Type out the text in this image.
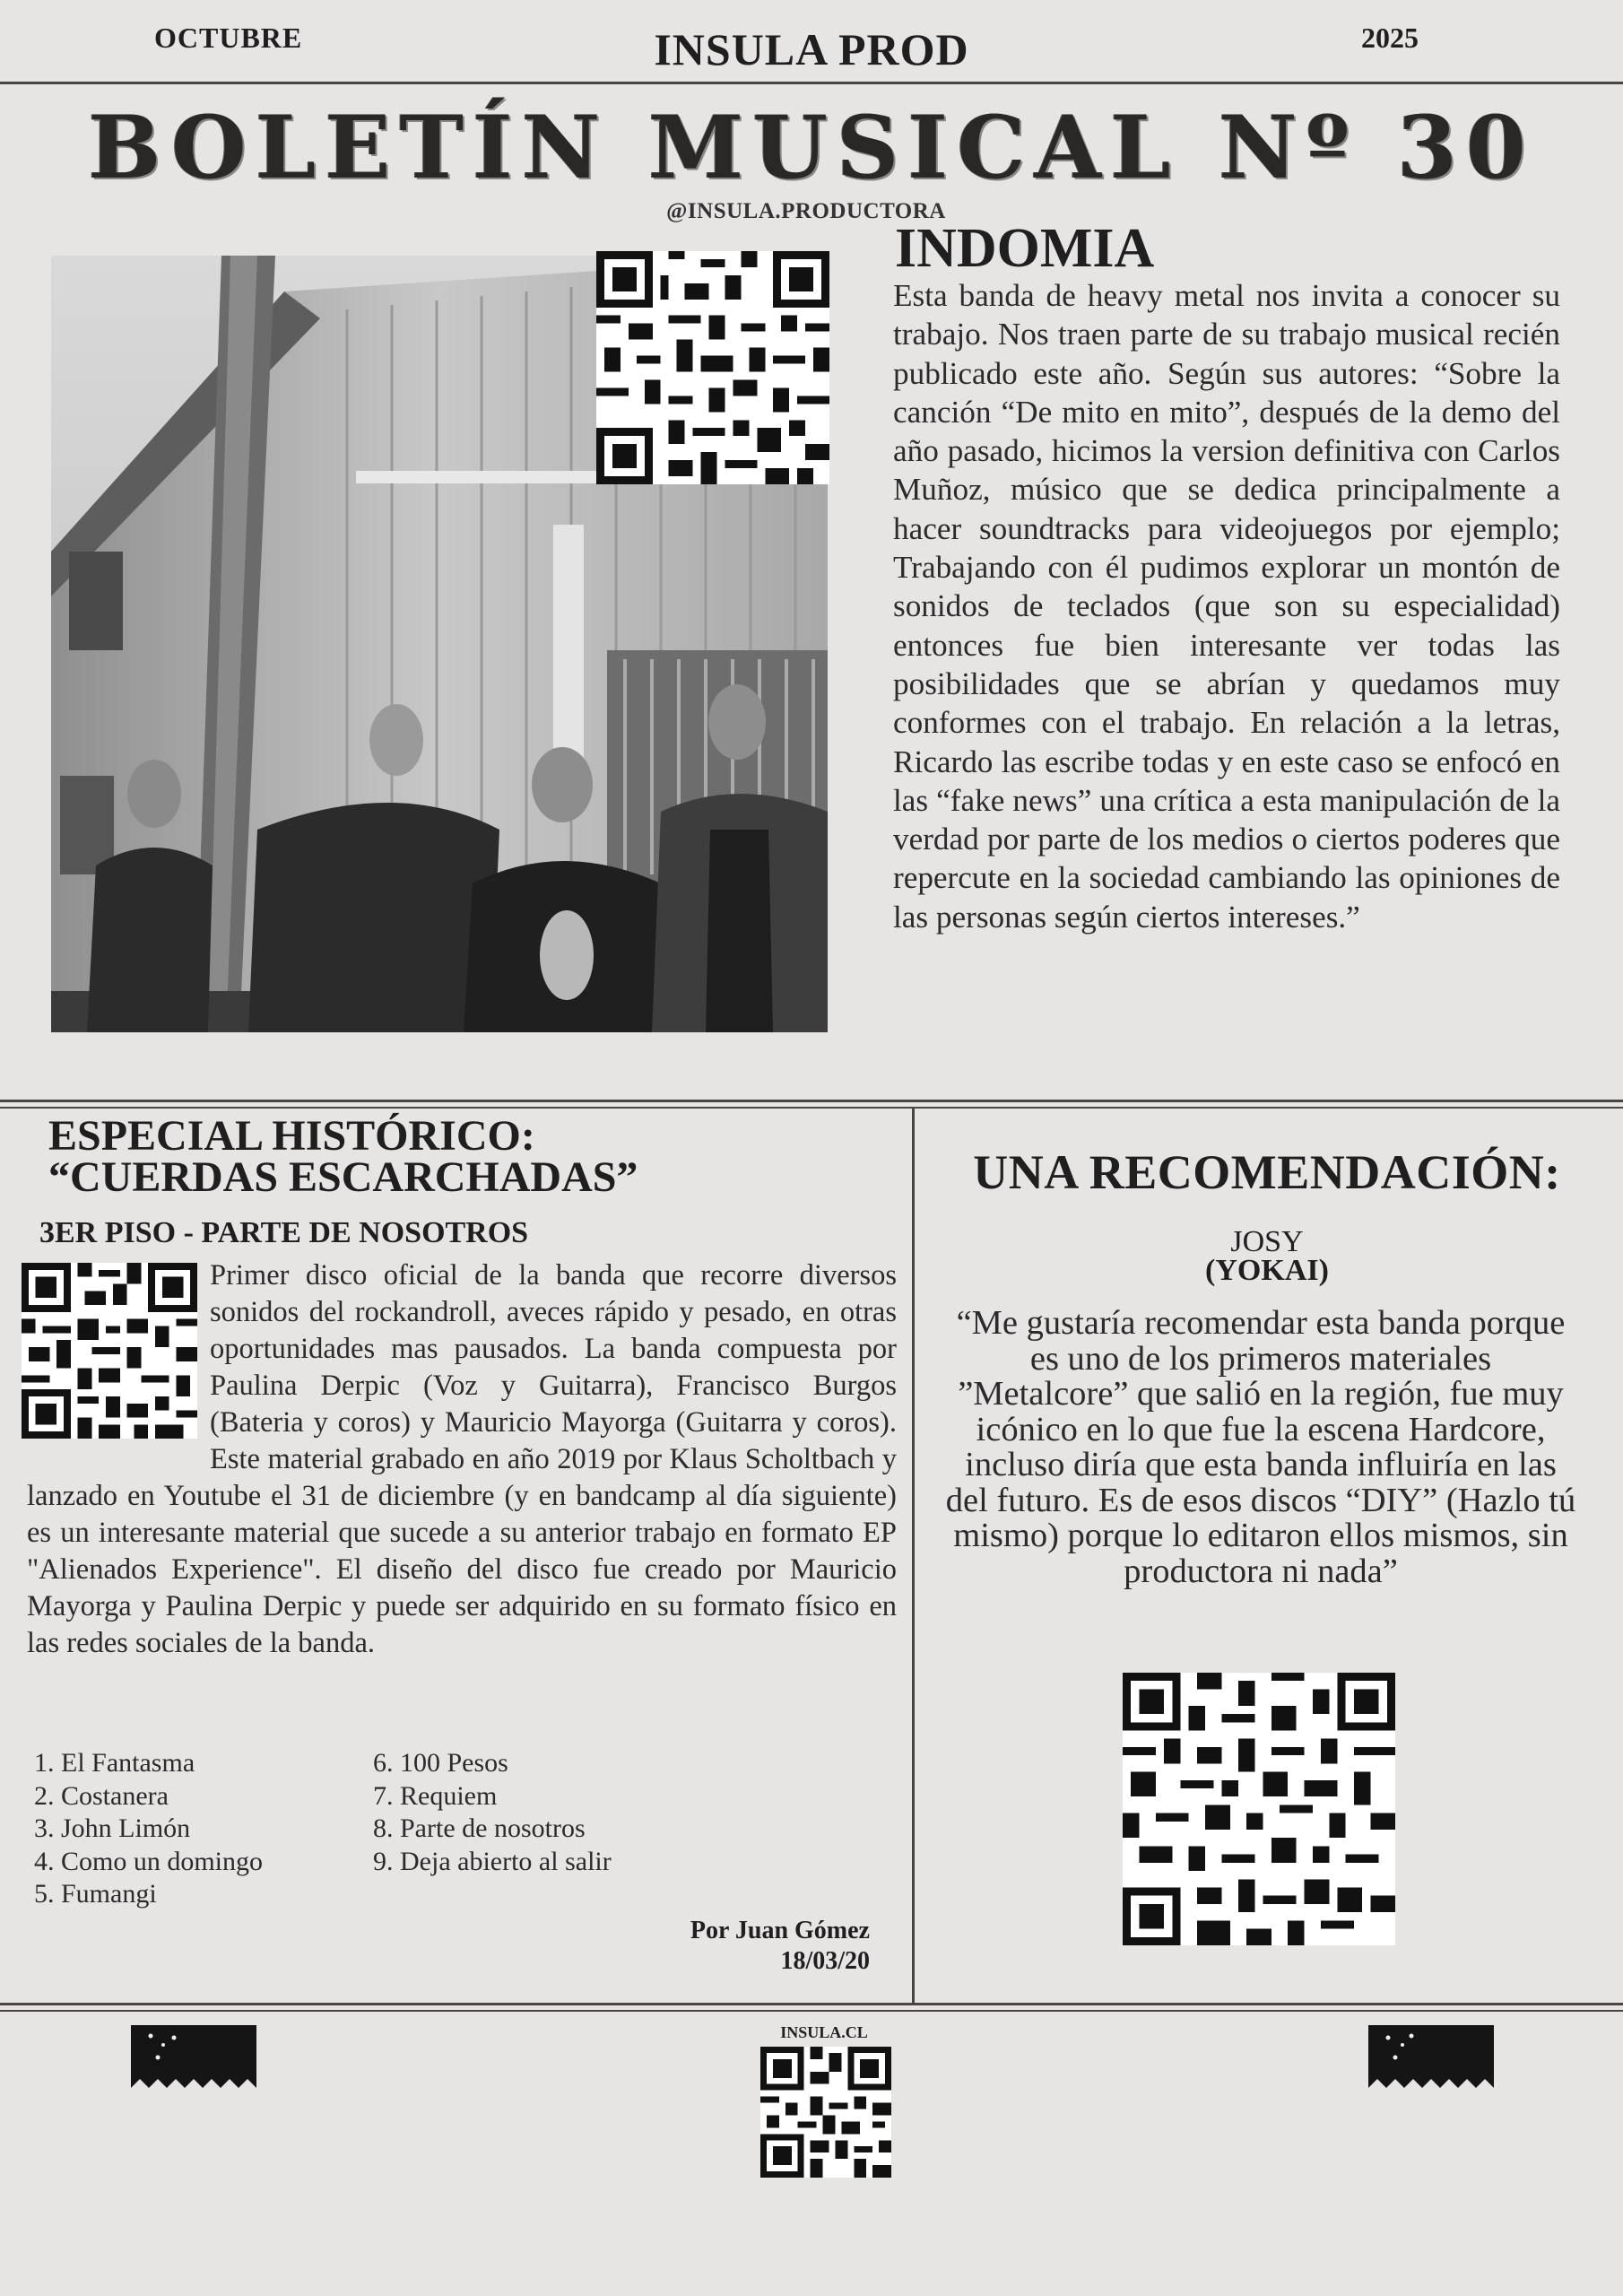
OCTUBRE	INSULA PROD	2025
BOLETÍN MUSICAL Nº 30
@INSULA.PRODUCTORA
INDOMIA
Esta banda de heavy metal nos invita a conocer su trabajo. Nos traen parte de su trabajo musical recién publicado este año. Según sus autores: “Sobre la canción “De mito en mito”, después de la demo del año pasado, hicimos la version definitiva con Carlos Muñoz, músico que se dedica principalmente a hacer soundtracks para videojuegos por ejemplo; Trabajando con él pudimos explorar un montón de sonidos de teclados (que son su especialidad) entonces fue bien interesante ver todas las posibilidades que se abrían y quedamos muy conformes con el trabajo. En relación a la letras, Ricardo las escribe todas y en este caso se enfocó en las “fake news” una crítica a esta manipulación de la verdad por parte de los medios o ciertos poderes que repercute en la sociedad cambiando las opiniones de las personas según ciertos intereses.”
ESPECIAL HISTÓRICO:
“CUERDAS ESCARCHADAS”
3ER PISO - PARTE DE NOSOTROS
Primer disco oficial de la banda que recorre diversos sonidos del rockandroll, aveces rápido y pesado, en otras oportunidades mas pausados. La banda compuesta por Paulina Derpic (Voz y Guitarra), Francisco Burgos (Bateria y coros) y Mauricio Mayorga (Guitarra y coros). Este material grabado en año 2019 por Klaus Scholtbach y lanzado en Youtube el 31 de diciembre (y en bandcamp al día siguiente) es un interesante material que sucede a su anterior trabajo en formato EP "Alienados Experience". El diseño del disco fue creado por Mauricio Mayorga y Paulina Derpic y puede ser adquirido en su formato físico en las redes sociales de la banda.
1. El Fantasma
2. Costanera
3. John Limón
4. Como un domingo
5. Fumangi
6. 100 Pesos
7. Requiem
8. Parte de nosotros
9. Deja abierto al salir
Por Juan Gómez
18/03/20
UNA RECOMENDACIÓN:
JOSY
(YOKAI)
“Me gustaría recomendar esta banda porque es uno de los primeros materiales ”Metalcore” que salió en la región, fue muy icónico en lo que fue la escena Hardcore, incluso diría que esta banda influiría en las del futuro. Es de esos discos “DIY” (Hazlo tú mismo) porque lo editaron ellos mismos, sin productora ni nada”
INSULA.CL
